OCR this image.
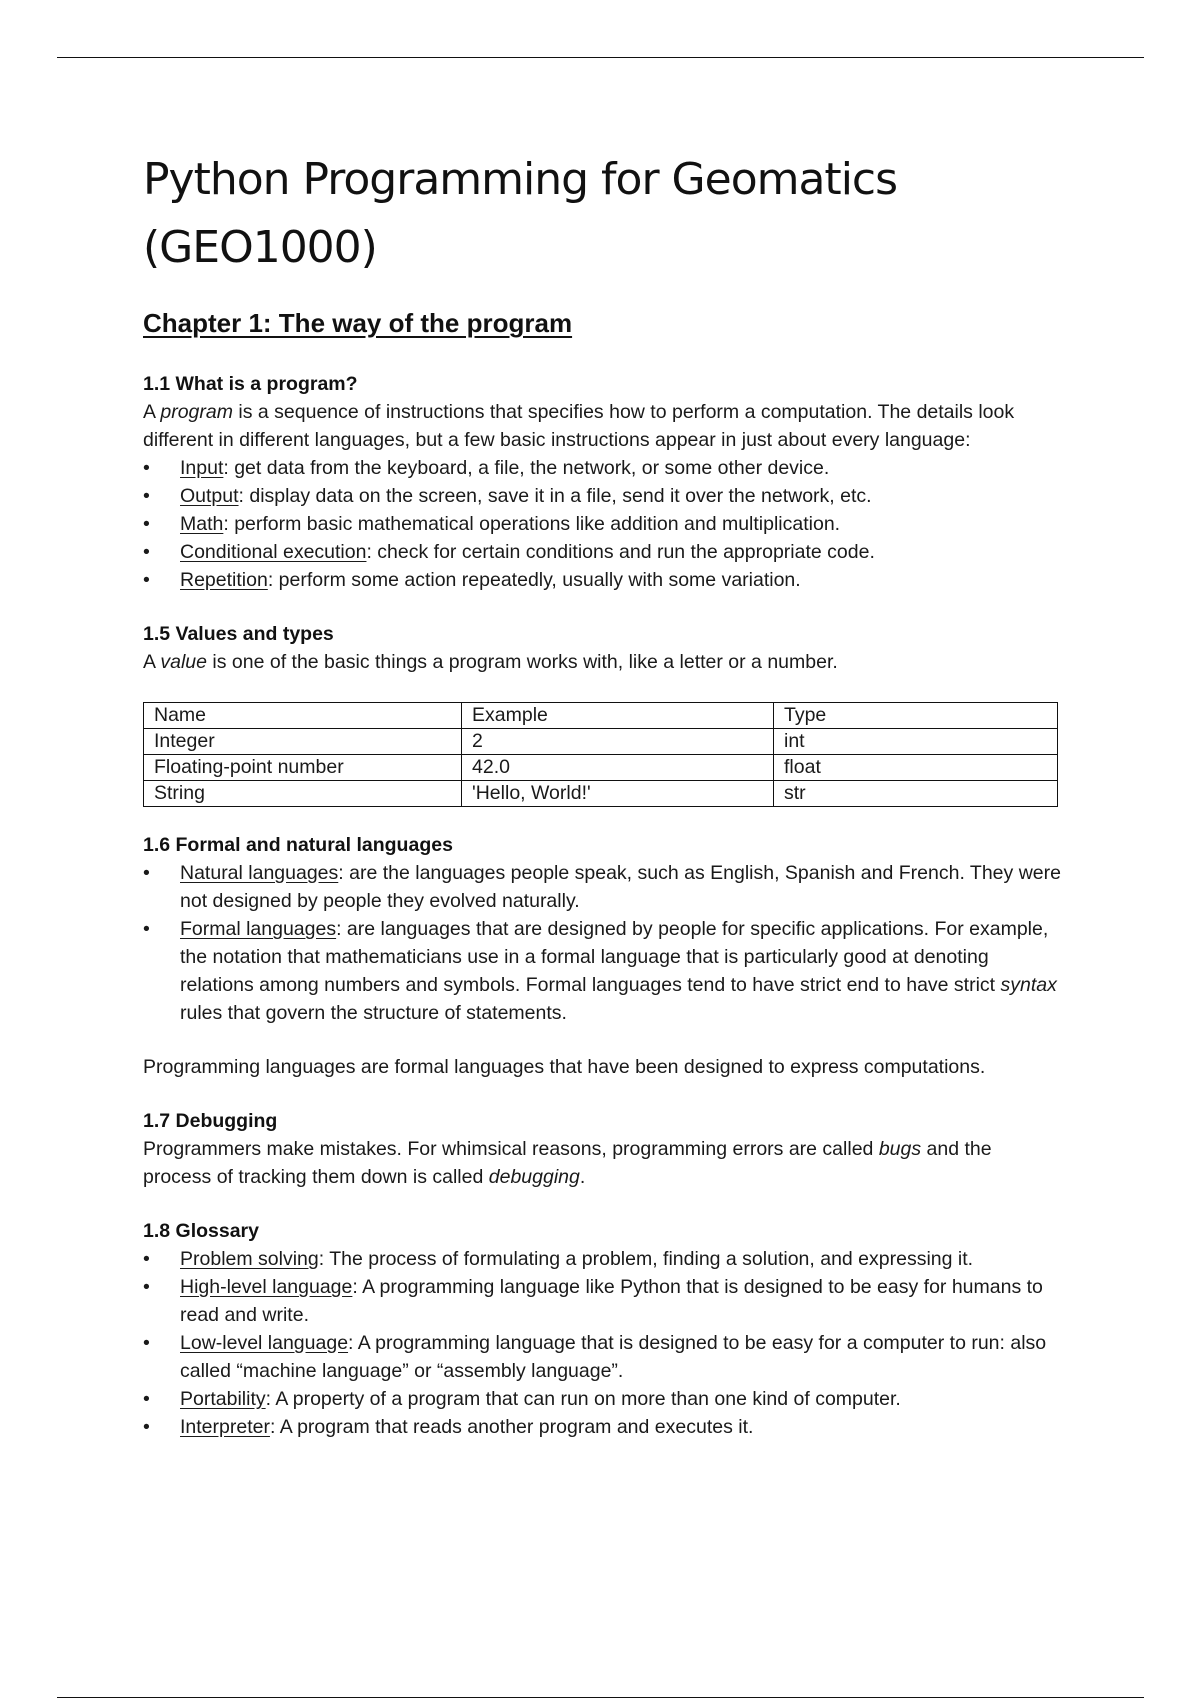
Python Programming for Geomatics
(GEO1000)
Chapter 1: The way of the program
1.1 What is a program?

A program is a sequence of instructions that specifies how to perform a computation. The details look different in different languages, but a few basic instructions appear in just about every language:

• Input: get data from the keyboard, a file, the network, or some other device.
• Output: display data on the screen, save it in a file, send it over the network, etc.
• Math: perform basic mathematical operations like addition and multiplication.
• Conditional execution: check for certain conditions and run the appropriate code.
• Repetition: perform some action repeatedly, usually with some variation.
1.5 Values and types

A value is one of the basic things a program works with, like a letter or a number.

Name	Example	Type
Integer	2	int
Floating-point number	42.0	float
String	'Hello, World!'	str
1.6 Formal and natural languages
• Natural languages: are the languages people speak, such as English, Spanish and French. They were not designed by people they evolved naturally.
• Formal languages: are languages that are designed by people for specific applications. For example, the notation that mathematicians use in a formal language that is particularly good at denoting relations among numbers and symbols. Formal languages tend to have strict end to have strict syntax rules that govern the structure of statements.

Programming languages are formal languages that have been designed to express computations.

1.7 Debugging

Programmers make mistakes. For whimsical reasons, programming errors are called bugs and the process of tracking them down is called debugging.

1.8 Glossary
• Problem solving: The process of formulating a problem, finding a solution, and expressing it.
• High-level language: A programming language like Python that is designed to be easy for humans to read and write.
• Low-level language: A programming language that is designed to be easy for a computer to run: also called “machine language” or “assembly language”.
• Portability: A property of a program that can run on more than one kind of computer.
• Interpreter: A program that reads another program and executes it.
